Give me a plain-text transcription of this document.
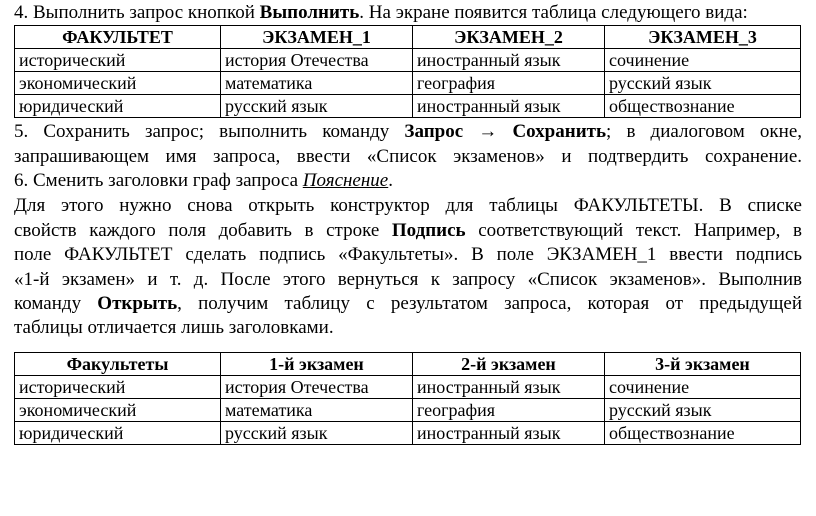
4. Выполнить запрос кнопкой Выполнить. На экране появится таблица следующего вида:
ФАКУЛЬТЕТ	ЭКЗАМЕН_1	ЭКЗАМЕН_2	ЭКЗАМЕН_3
исторический	история Отечества	иностранный язык	сочинение
экономический	математика	география	русский язык
юридический	русский язык	иностранный язык	обществознание
5. Сохранить запрос; выполнить команду Запрос → Сохранить; в диалоговом окне,
запрашивающем имя запроса, ввести «Список экзаменов» и подтвердить сохранение.
6. Сменить заголовки граф запроса Пояснение.
Для этого нужно снова открыть конструктор для таблицы ФАКУЛЬТЕТЫ. В списке
свойств каждого поля добавить в строке Подпись соответствующий текст. Например, в
поле ФАКУЛЬТЕТ сделать подпись «Факультеты». В поле ЭКЗАМЕН_1 ввести подпись
«1-й экзамен» и т. д. После этого вернуться к запросу «Список экзаменов». Выполнив
команду Открыть, получим таблицу с результатом запроса, которая от предыдущей
таблицы отличается лишь заголовками.
Факультеты	1-й экзамен	2-й экзамен	3-й экзамен
исторический	история Отечества	иностранный язык	сочинение
экономический	математика	география	русский язык
юридический	русский язык	иностранный язык	обществознание
